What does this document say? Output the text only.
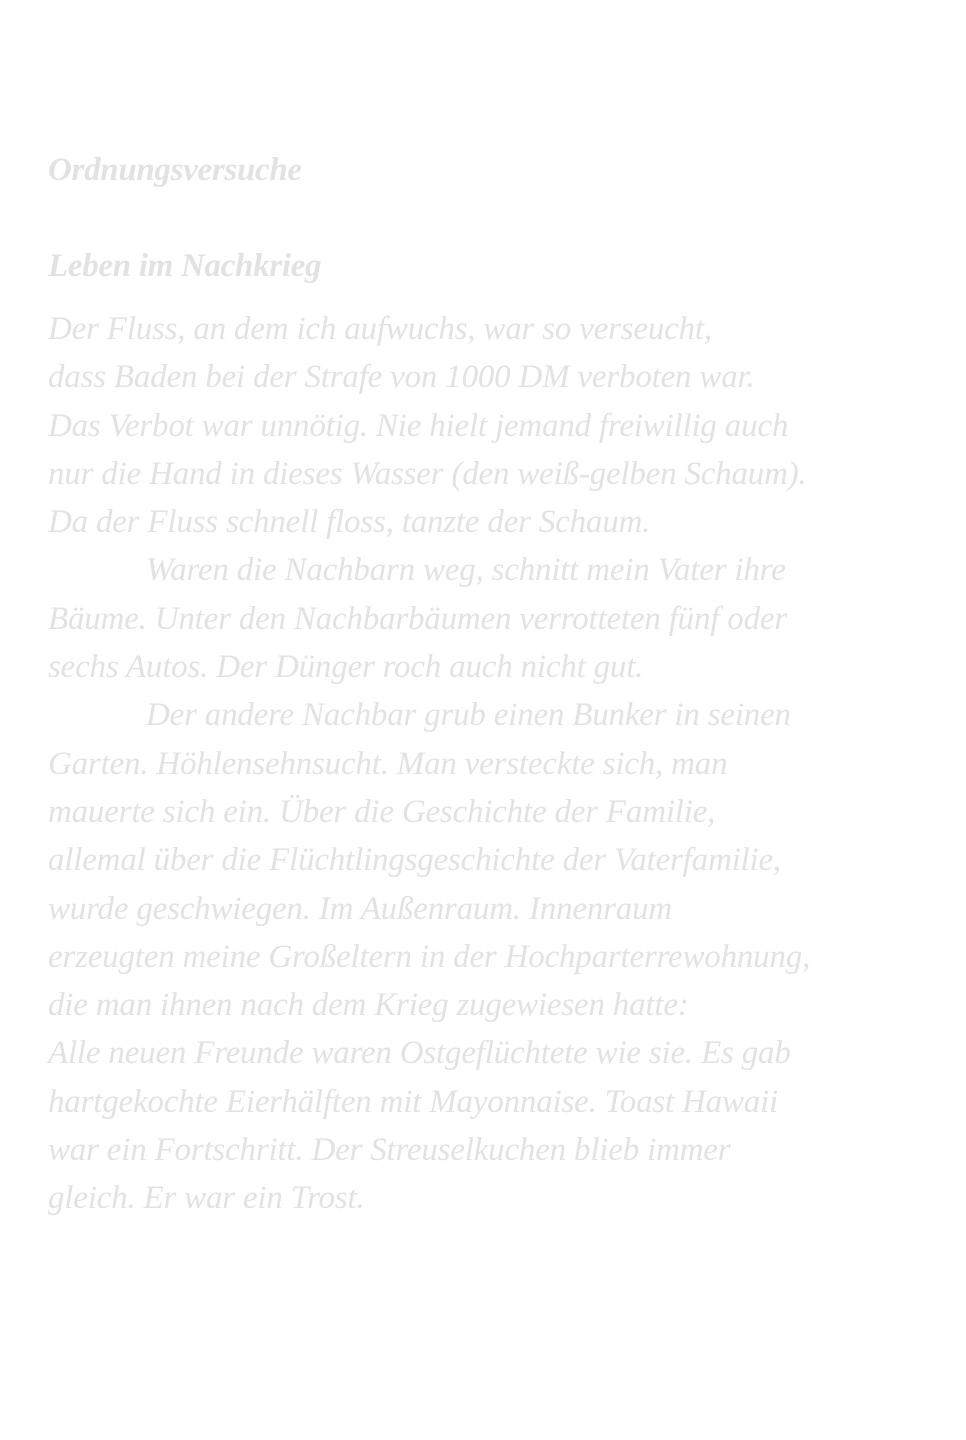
Ordnungsversuche
Leben im Nachkrieg
Der Fluss, an dem ich aufwuchs, war so verseucht,
dass Baden bei der Strafe von 1000 DM verboten war.
Das Verbot war unnötig. Nie hielt jemand freiwillig auch
nur die Hand in dieses Wasser (den weiß-gelben Schaum).
Da der Fluss schnell floss, tanzte der Schaum.
Waren die Nachbarn weg, schnitt mein Vater ihre
Bäume. Unter den Nachbarbäumen verrotteten fünf oder
sechs Autos. Der Dünger roch auch nicht gut.
Der andere Nachbar grub einen Bunker in seinen
Garten. Höhlensehnsucht. Man versteckte sich, man
mauerte sich ein. Über die Geschichte der Familie,
allemal über die Flüchtlingsgeschichte der Vaterfamilie,
wurde geschwiegen. Im Außenraum. Innenraum
erzeugten meine Großeltern in der Hochparterrewohnung,
die man ihnen nach dem Krieg zugewiesen hatte:
Alle neuen Freunde waren Ostgeflüchtete wie sie. Es gab
hartgekochte Eierhälften mit Mayonnaise. Toast Hawaii
war ein Fortschritt. Der Streuselkuchen blieb immer
gleich. Er war ein Trost.
